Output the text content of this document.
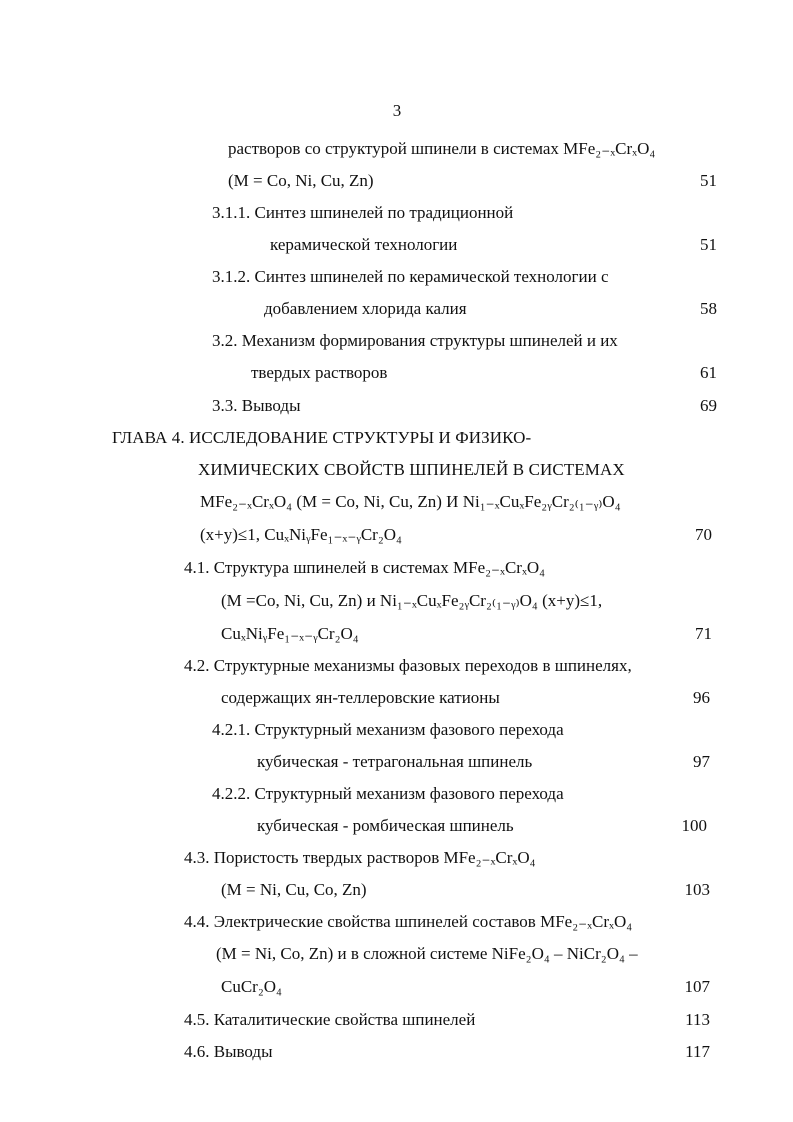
3
растворов со структурой шпинели в системах MFe₂₋ₓCrₓO₄
(M = Co, Ni, Cu, Zn)	51
3.1.1. Синтез шпинелей по традиционной
керамической технологии	51
3.1.2. Синтез шпинелей по керамической технологии с
добавлением хлорида калия	58
3.2. Механизм формирования структуры шпинелей и их
твердых растворов	61
3.3. Выводы	69
ГЛАВА 4. ИССЛЕДОВАНИЕ СТРУКТУРЫ И ФИЗИКО-
ХИМИЧЕСКИХ СВОЙСТВ ШПИНЕЛЕЙ В СИСТЕМАХ
MFe₂₋ₓCrₓO₄ (M = Co, Ni, Cu, Zn) И Ni₁₋ₓCuₓFe₂ᵧCr₂₍₁₋ᵧ₎O₄
(x+y)≤1, CuₓNiᵧFe₁₋ₓ₋ᵧCr₂O₄	70
4.1. Структура шпинелей в системах MFe₂₋ₓCrₓO₄
(M =Co, Ni, Cu, Zn) и Ni₁₋ₓCuₓFe₂ᵧCr₂₍₁₋ᵧ₎O₄ (x+y)≤1,
CuₓNiᵧFe₁₋ₓ₋ᵧCr₂O₄	71
4.2. Структурные механизмы фазовых переходов в шпинелях,
содержащих ян-теллеровские катионы	96
4.2.1. Структурный механизм фазового перехода
кубическая - тетрагональная шпинель	97
4.2.2. Структурный механизм фазового перехода
кубическая - ромбическая шпинель	100
4.3. Пористость твердых растворов MFe₂₋ₓCrₓO₄
(M = Ni, Cu, Co, Zn)	103
4.4. Электрические свойства шпинелей составов MFe₂₋ₓCrₓO₄
(M = Ni, Co, Zn) и в сложной системе NiFe₂O₄ – NiCr₂O₄ –
CuCr₂O₄	107
4.5. Каталитические свойства шпинелей	113
4.6. Выводы	117
